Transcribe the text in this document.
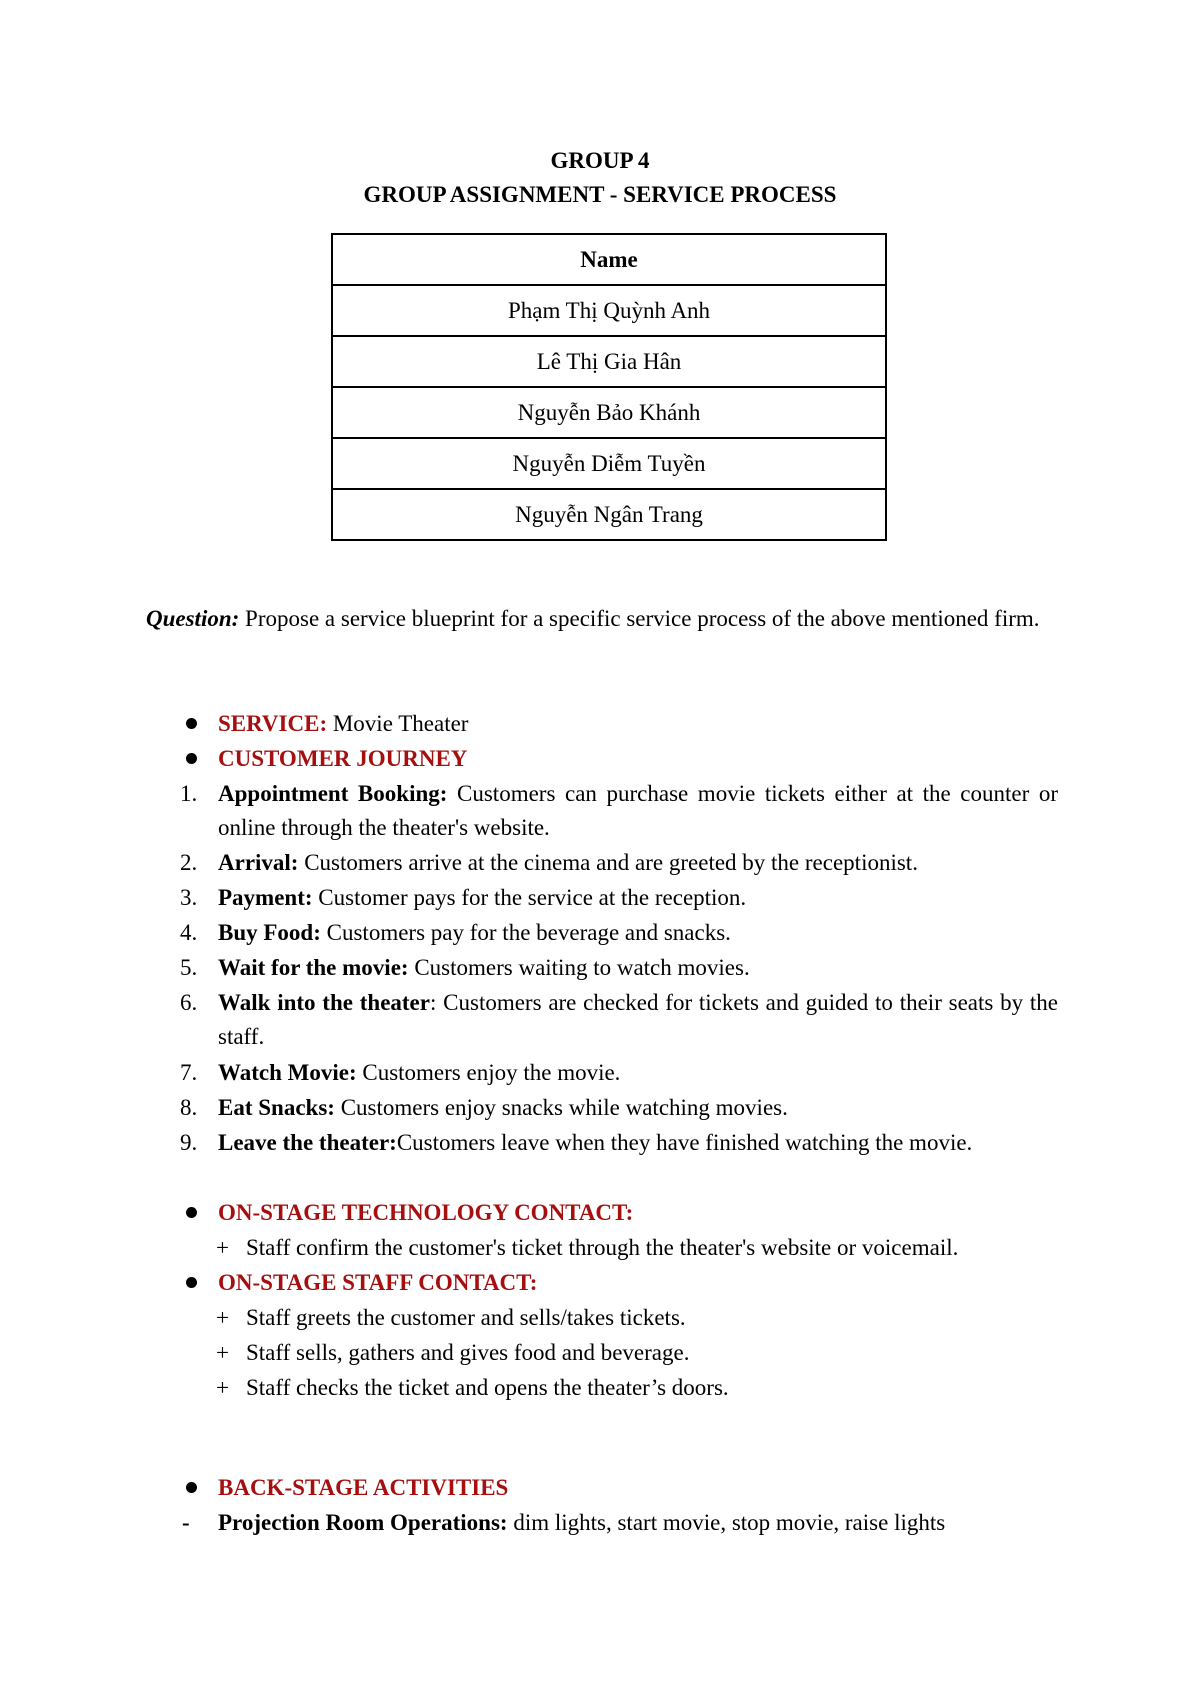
GROUP 4
GROUP ASSIGNMENT - SERVICE PROCESS
Name
Phạm Thị Quỳnh Anh
Lê Thị Gia Hân
Nguyễn Bảo Khánh
Nguyễn Diễm Tuyền
Nguyễn Ngân Trang
Question: Propose a service blueprint for a specific service process of the above mentioned firm.
SERVICE: Movie Theater
CUSTOMER JOURNEY
1. Appointment Booking: Customers can purchase movie tickets either at the counter or online through the theater's website.
2. Arrival: Customers arrive at the cinema and are greeted by the receptionist.
3. Payment: Customer pays for the service at the reception.
4. Buy Food: Customers pay for the beverage and snacks.
5. Wait for the movie: Customers waiting to watch movies.
6. Walk into the theater: Customers are checked for tickets and guided to their seats by the staff.
7. Watch Movie: Customers enjoy the movie.
8. Eat Snacks: Customers enjoy snacks while watching movies.
9. Leave the theater:Customers leave when they have finished watching the movie.
ON-STAGE TECHNOLOGY CONTACT:
+ Staff confirm the customer's ticket through the theater's website or voicemail.
ON-STAGE STAFF CONTACT:
+ Staff greets the customer and sells/takes tickets.
+ Staff sells, gathers and gives food and beverage.
+ Staff checks the ticket and opens the theater’s doors.
BACK-STAGE ACTIVITIES
- Projection Room Operations: dim lights, start movie, stop movie, raise lights
